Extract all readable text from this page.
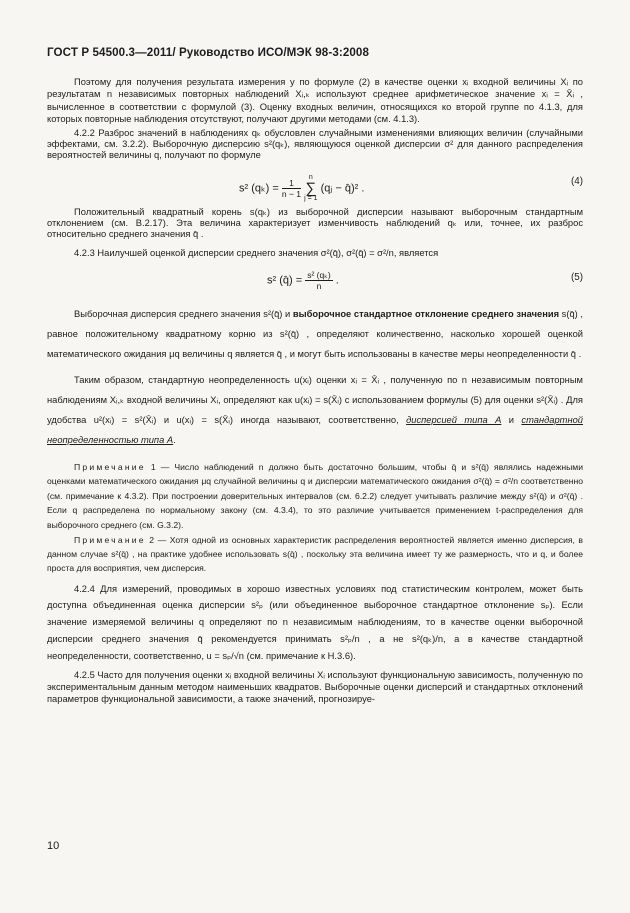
ГОСТ Р 54500.3—2011/ Руководство ИСО/МЭК 98-3:2008

Поэтому для получения результата измерения y по формуле (2) в качестве оценки xᵢ входной величины Xᵢ по результатам n независимых повторных наблюдений Xᵢ,ₖ используют среднее арифметическое значение xᵢ = X̄ᵢ , вычисленное в соответствии с формулой (3). Оценку входных величин, относящихся ко второй группе по 4.1.3, для которых повторные наблюдения отсутствуют, получают другими методами (см. 4.1.3).

4.2.2 Разброс значений в наблюдениях qₖ обусловлен случайными изменениями влияющих величин (случайными эффектами, см. 3.2.2). Выборочную дисперсию s²(qₖ), являющуюся оценкой дисперсии σ² для данного распределения вероятностей величины q, получают по формуле

s² $(q_k) = \frac{1}{n - 1}$

n
∑
j = 1
(qⱼ − q̄)² .
(4)

Положительный квадратный корень s(qₖ) из выборочной дисперсии называют выборочным стандартным отклонением (см. В.2.17). Эта величина характеризует изменчивость наблюдений qₖ или, точнее, их разброс относительно среднего значения q̄ .

4.2.3 Наилучшей оценкой дисперсии среднего значения σ²(q̄), σ²(q̄) = σ²/n, является

s² (q̄) = $\frac{\text{s² (qₖ)}}{n}$ .	(5)

Выборочная дисперсия среднего значения s²(q̄) и выборочное стандартное отклонение среднего значения s(q̄) , равное положительному квадратному корню из s²(q̄) , определяют количественно, насколько хорошей оценкой математического ожидания μq величины q является q̄ , и могут быть использованы в качестве меры неопределенности q̄ .

Таким образом, стандартную неопределенность u(xᵢ) оценки xᵢ = X̄ᵢ , полученную по n независимым повторным наблюдениям Xᵢ,ₖ входной величины Xᵢ, определяют как u(xᵢ) = s(X̄ᵢ) с использованием формулы (5) для оценки s²(X̄ᵢ) . Для удобства u²(xᵢ) = s²(X̄ᵢ) и u(xᵢ) = s(X̄ᵢ) иногда называют, соответственно, дисперсией типа А и стандартной неопределенностью типа А.

Примечание 1 — Число наблюдений n должно быть достаточно большим, чтобы q̄ и s²(q̄) являлись надежными оценками математического ожидания μq случайной величины q и дисперсии математического ожидания σ²(q̄) = σ²/n соответственно (см. примечание к 4.3.2). При построении доверительных интервалов (см. 6.2.2) следует учитывать различие между s²(q̄) и σ²(q̄) . Если q распределена по нормальному закону (см. 4.3.4), то это различие учитывается применением t-распределения для выборочного среднего (см. G.3.2).

Примечание 2 — Хотя одной из основных характеристик распределения вероятностей является именно дисперсия, в данном случае s²(q̄) , на практике удобнее использовать s(q̄) , поскольку эта величина имеет ту же размерность, что и q, и более проста для восприятия, чем дисперсия.

4.2.4 Для измерений, проводимых в хорошо известных условиях под статистическим контролем, может быть доступна объединенная оценка дисперсии s²ₚ (или объединенное выборочное стандартное отклонение sₚ). Если значение измеряемой величины q определяют по n независимым наблюдениям, то в качестве оценки выборочной дисперсии среднего значения q̄ рекомендуется принимать s²ₚ/n , а не s²(qₖ)/n, а в качестве стандартной неопределенности, соответственно, u = sₚ/√n (см. примечание к Н.3.6).

4.2.5 Часто для получения оценки xᵢ входной величины Xᵢ используют функциональную зависимость, полученную по экспериментальным данным методом наименьших квадратов. Выборочные оценки дисперсий и стандартных отклонений параметров функциональной зависимости, а также значений, прогнозируе-

10
